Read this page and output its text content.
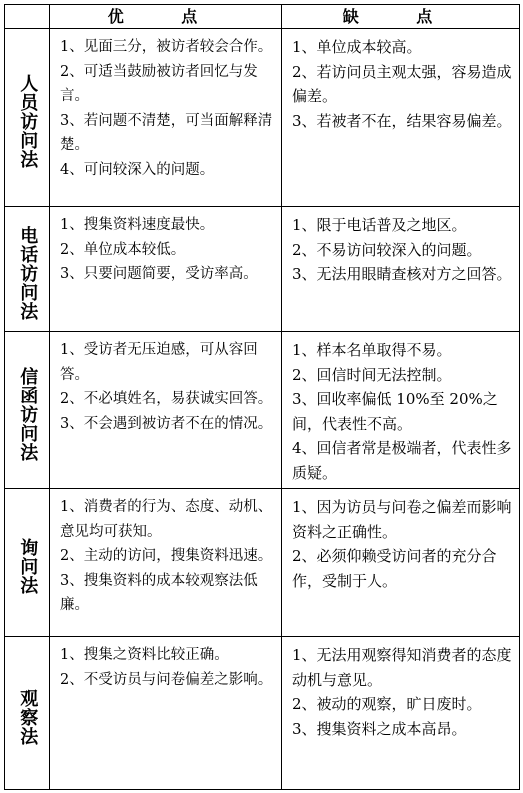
优 点	缺 点
人员访问法
1、见面三分，被访者较会合作。
2、可适当鼓励被访者回忆与发言。
3、若问题不清楚，可当面解释清楚。
4、可问较深入的问题。
1、单位成本较高。
2、若访问员主观太强，容易造成偏差。
3、若被者不在，结果容易偏差。
电话访问法
1、搜集资料速度最快。
2、单位成本较低。
3、只要问题简要，受访率高。
1、限于电话普及之地区。
2、不易访问较深入的问题。
3、无法用眼睛查核对方之回答。
信函访问法
1、受访者无压迫感，可从容回答。
2、不必填姓名，易获诚实回答。
3、不会遇到被访者不在的情况。
1、样本名单取得不易。
2、回信时间无法控制。
3、回收率偏低 10%至 20%之间，代表性不高。
4、回信者常是极端者，代表性多质疑。
询问法
1、消费者的行为、态度、动机、意见均可获知。
2、主动的访问，搜集资料迅速。
3、搜集资料的成本较观察法低廉。
1、因为访员与问卷之偏差而影响资料之正确性。
2、必须仰赖受访问者的充分合作，受制于人。
观察法
1、搜集之资料比较正确。
2、不受访员与问卷偏差之影响。
1、无法用观察得知消费者的态度动机与意见。
2、被动的观察，旷日废时。
3、搜集资料之成本高昂。
